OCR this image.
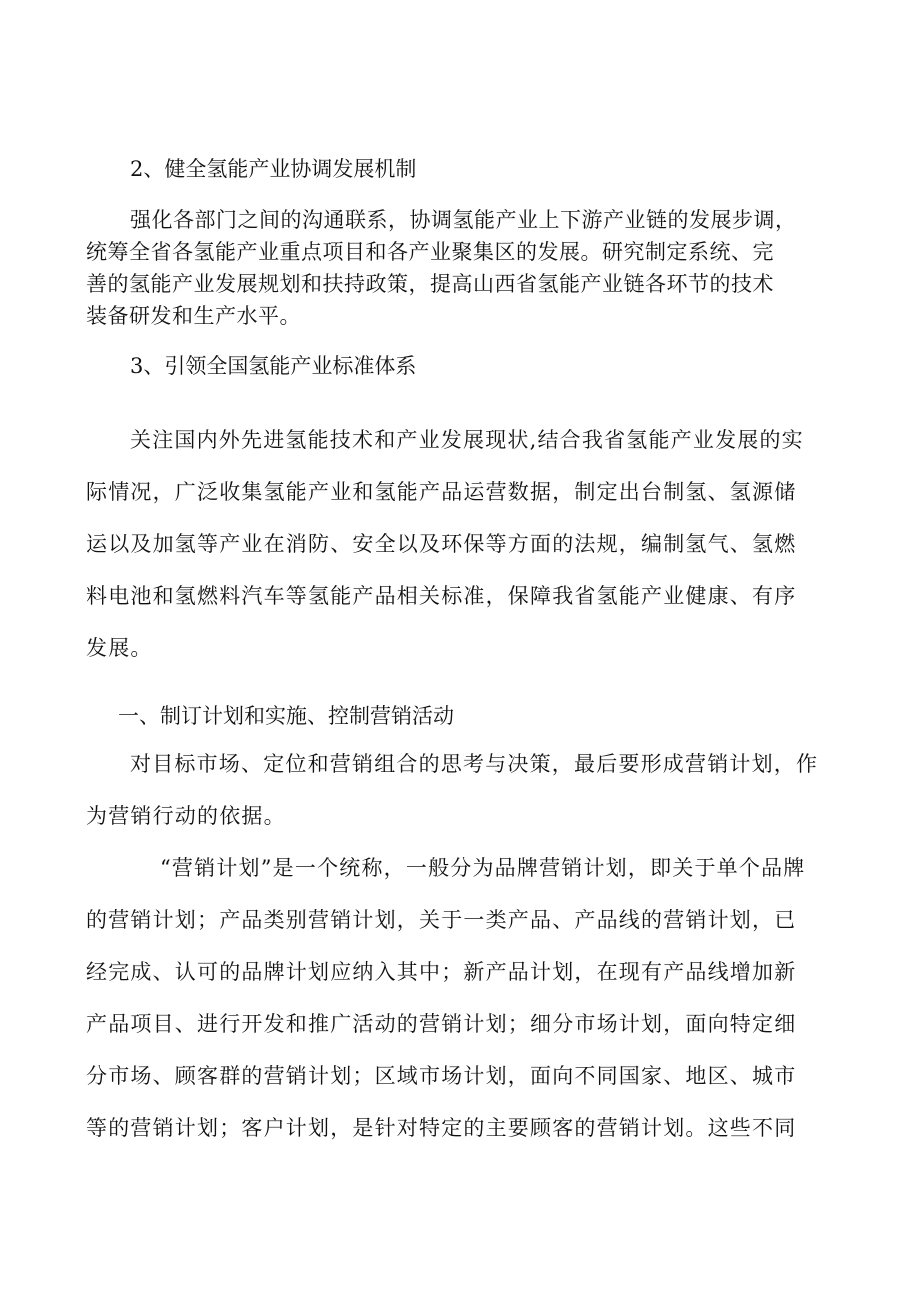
2、健全氢能产业协调发展机制
强化各部门之间的沟通联系，协调氢能产业上下游产业链的发展步调，
统筹全省各氢能产业重点项目和各产业聚集区的发展。研究制定系统、完
善的氢能产业发展规划和扶持政策，提高山西省氢能产业链各环节的技术
装备研发和生产水平。
3、引领全国氢能产业标准体系
关注国内外先进氢能技术和产业发展现状,结合我省氢能产业发展的实
际情况，广泛收集氢能产业和氢能产品运营数据，制定出台制氢、氢源储
运以及加氢等产业在消防、安全以及环保等方面的法规，编制氢气、氢燃
料电池和氢燃料汽车等氢能产品相关标准，保障我省氢能产业健康、有序
发展。
一、制订计划和实施、控制营销活动
对目标市场、定位和营销组合的思考与决策，最后要形成营销计划，作
为营销行动的依据。
“营销计划”是一个统称，一般分为品牌营销计划，即关于单个品牌
的营销计划；产品类别营销计划，关于一类产品、产品线的营销计划，已
经完成、认可的品牌计划应纳入其中；新产品计划，在现有产品线增加新
产品项目、进行开发和推广活动的营销计划；细分市场计划，面向特定细
分市场、顾客群的营销计划；区域市场计划，面向不同国家、地区、城市
等的营销计划；客户计划，是针对特定的主要顾客的营销计划。这些不同
